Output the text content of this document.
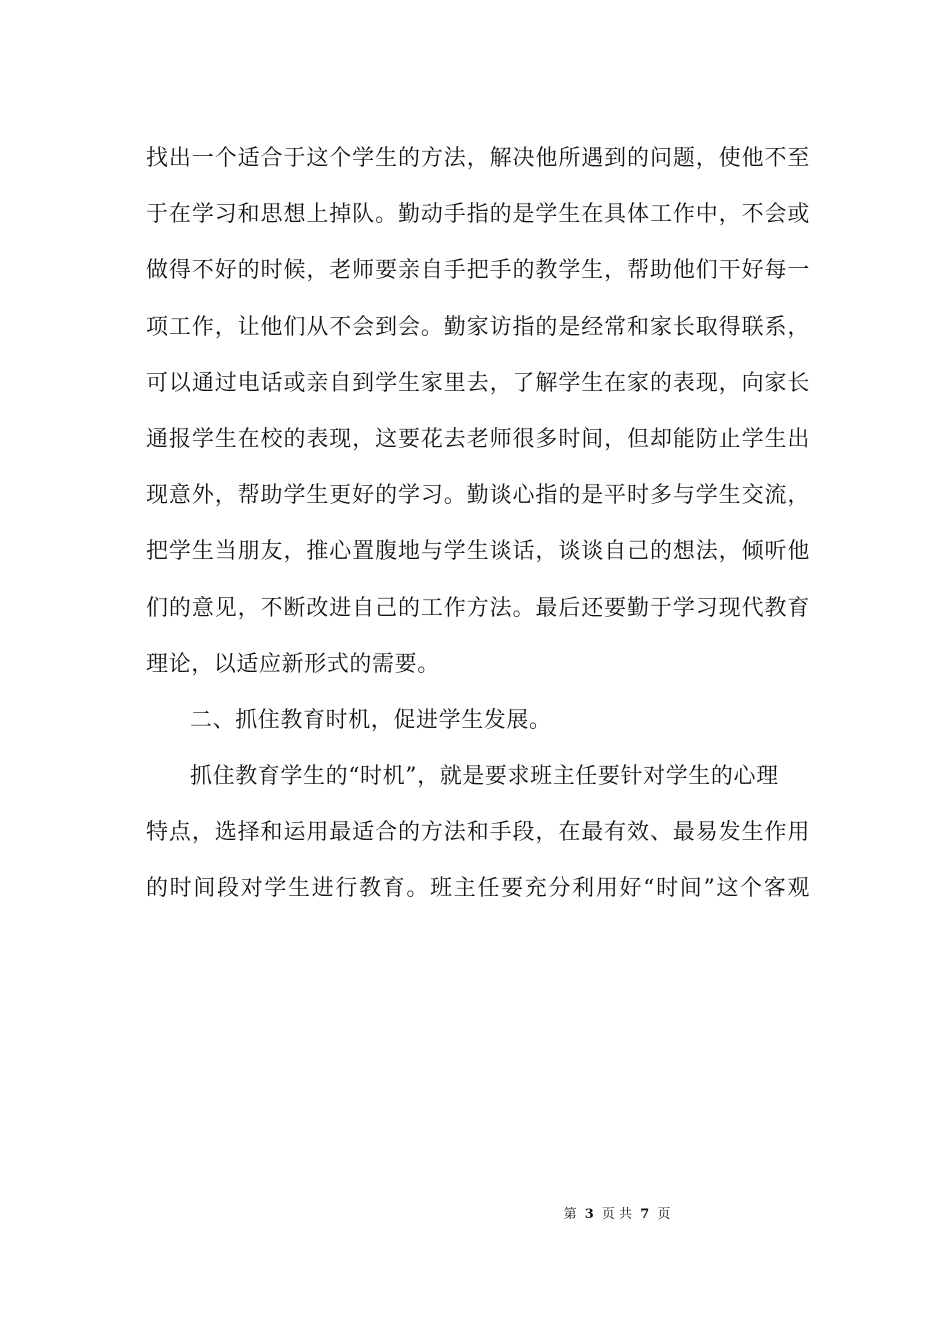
找出一个适合于这个学生的方法，解决他所遇到的问题，使他不至
于在学习和思想上掉队。勤动手指的是学生在具体工作中，不会或
做得不好的时候，老师要亲自手把手的教学生，帮助他们干好每一
项工作，让他们从不会到会。勤家访指的是经常和家长取得联系，
可以通过电话或亲自到学生家里去，了解学生在家的表现，向家长
通报学生在校的表现，这要花去老师很多时间，但却能防止学生出
现意外，帮助学生更好的学习。勤谈心指的是平时多与学生交流，
把学生当朋友，推心置腹地与学生谈话，谈谈自己的想法，倾听他
们的意见，不断改进自己的工作方法。最后还要勤于学习现代教育
理论，以适应新形式的需要。
二、抓住教育时机，促进学生发展。
抓住教育学生的“时机”，就是要求班主任要针对学生的心理
特点，选择和运用最适合的方法和手段，在最有效、最易发生作用
的时间段对学生进行教育。班主任要充分利用好“时间”这个客观
第 3 页 共 7 页
